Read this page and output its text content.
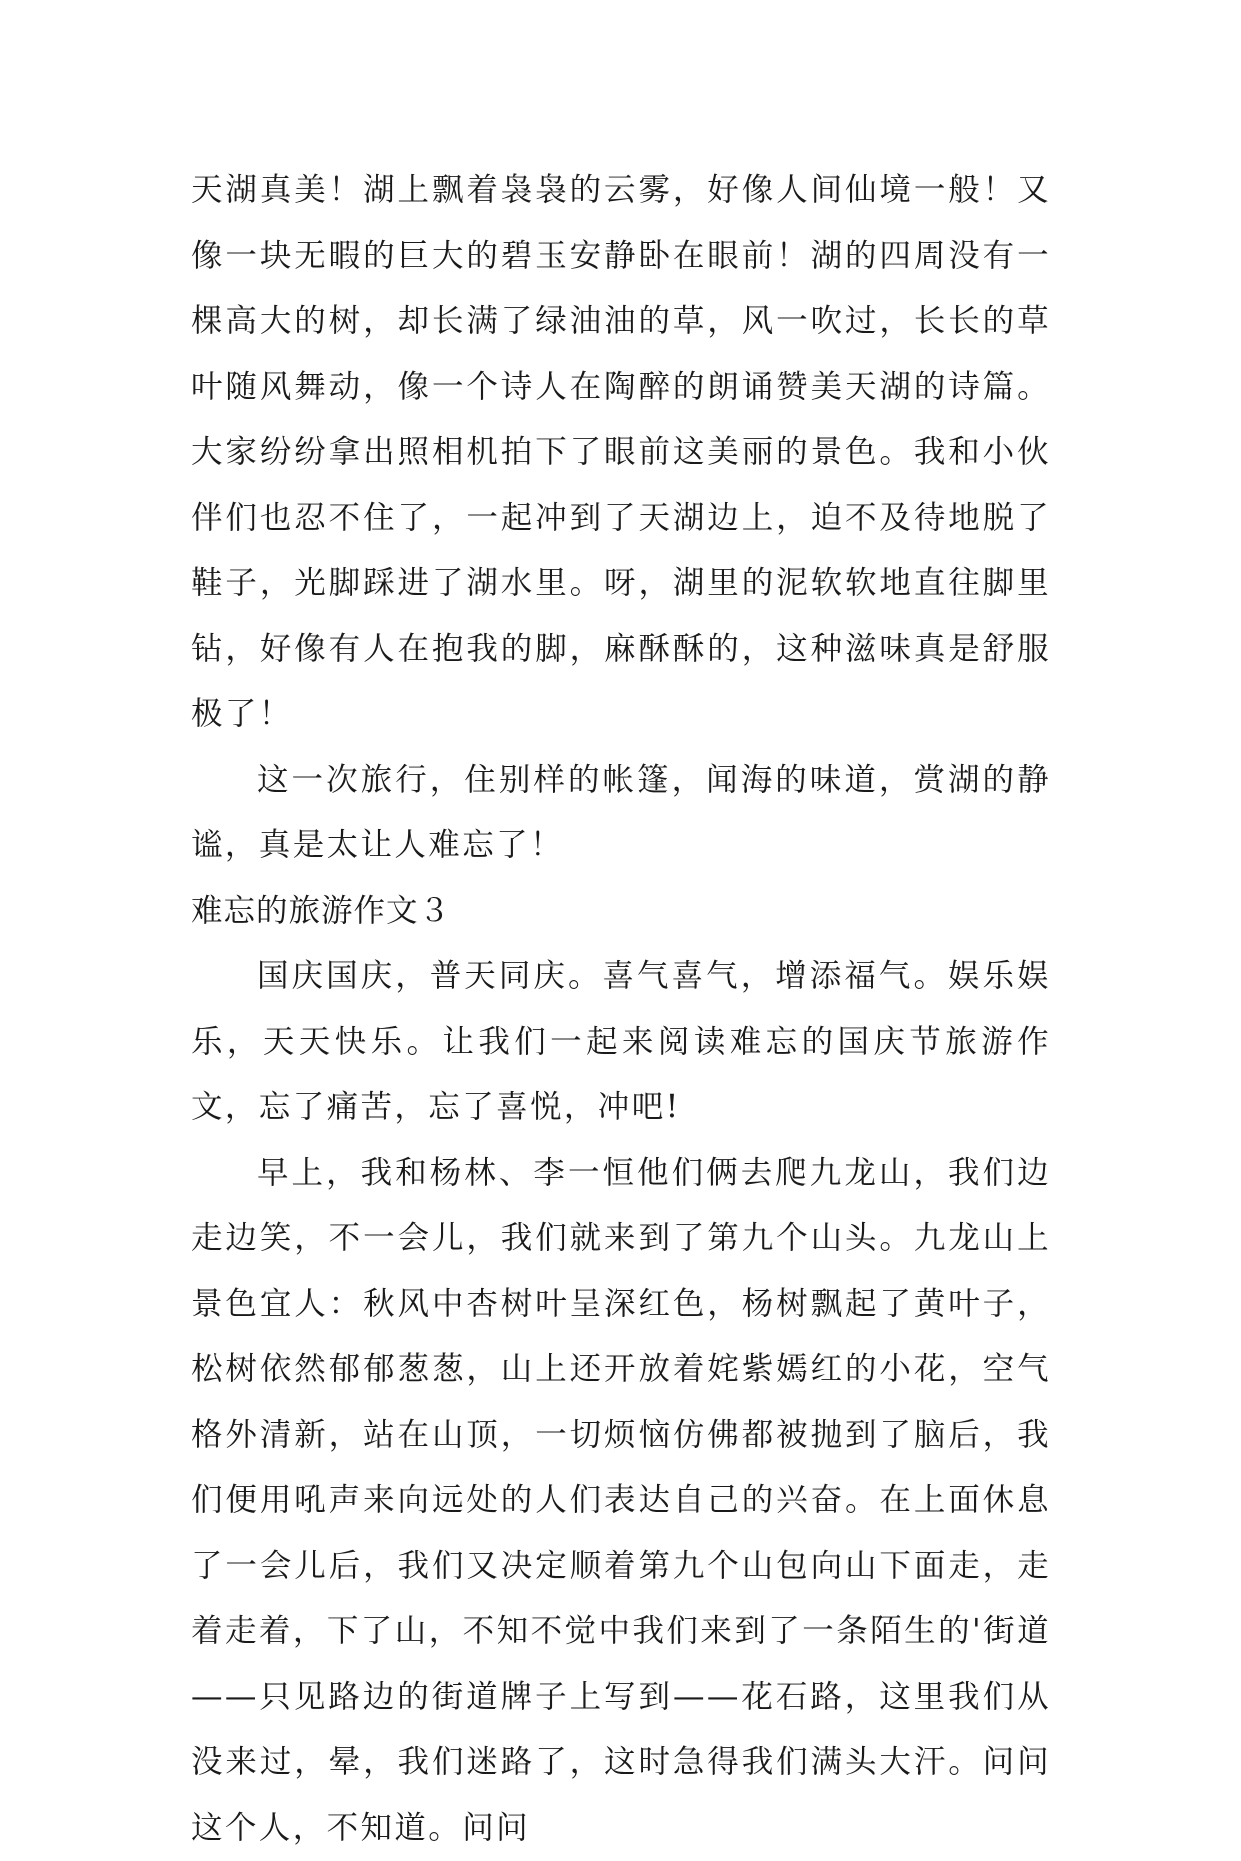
天湖真美！湖上飘着袅袅的云雾，好像人间仙境一般！又像一块无暇的巨大的碧玉安静卧在眼前！湖的四周没有一棵高大的树，却长满了绿油油的草，风一吹过，长长的草叶随风舞动，像一个诗人在陶醉的朗诵赞美天湖的诗篇。大家纷纷拿出照相机拍下了眼前这美丽的景色。我和小伙伴们也忍不住了，一起冲到了天湖边上，迫不及待地脱了鞋子，光脚踩进了湖水里。呀，湖里的泥软软地直往脚里钻，好像有人在抱我的脚，麻酥酥的，这种滋味真是舒服极了！

这一次旅行，住别样的帐篷，闻海的味道，赏湖的静谧，真是太让人难忘了！

难忘的旅游作文３

国庆国庆，普天同庆。喜气喜气，增添福气。娱乐娱乐，天天快乐。让我们一起来阅读难忘的国庆节旅游作文，忘了痛苦，忘了喜悦，冲吧!

早上，我和杨林、李一恒他们俩去爬九龙山，我们边走边笑，不一会儿，我们就来到了第九个山头。九龙山上景色宜人：秋风中杏树叶呈深红色，杨树飘起了黄叶子，松树依然郁郁葱葱，山上还开放着姹紫嫣红的小花，空气格外清新，站在山顶，一切烦恼仿佛都被抛到了脑后，我们便用吼声来向远处的人们表达自己的兴奋。在上面休息了一会儿后，我们又决定顺着第九个山包向山下面走，走着走着，下了山，不知不觉中我们来到了一条陌生的'街道——只见路边的街道牌子上写到——花石路，这里我们从没来过，晕，我们迷路了，这时急得我们满头大汗。问问这个人，不知道。问问
